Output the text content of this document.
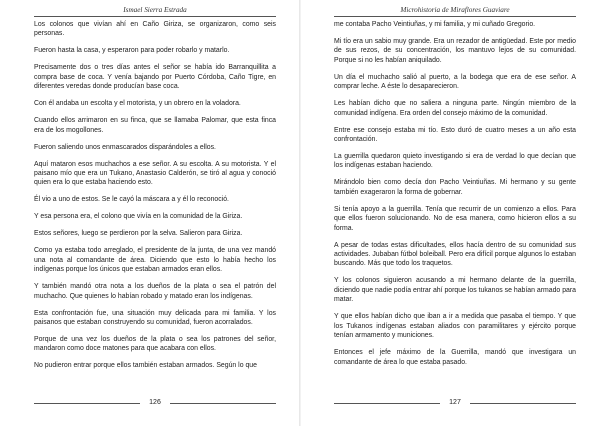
Ismael Sierra Estrada

Los colonos que vivían ahí en Caño Giriza, se organizaron, como seis personas.

Fueron hasta la casa, y esperaron para poder robarlo y matarlo.

Precisamente dos o tres días antes el señor se había ido Barranquillita a compra base de coca. Y venía bajando por Puerto Córdoba, Caño Tigre, en diferentes veredas donde producían base coca.

Con él andaba un escolta y el motorista, y un obrero en la voladora.

Cuando ellos arrimaron en su finca, que se llamaba Palomar, que esta finca era de los mogollones.

Fueron saliendo unos enmascarados disparándoles a ellos.

Aquí mataron esos muchachos a ese señor. A su escolta. A su motorista. Y el paisano mío que era un Tukano, Anastasio Calderón, se tiró al agua y conoció quien era lo que estaba haciendo esto.

Él vio a uno de estos. Se le cayó la máscara a y él lo reconoció.

Y esa persona era, el colono que vivía en la comunidad de la Giriza.

Estos señores, luego se perdieron por la selva. Salieron para Giriza.

Como ya estaba todo arreglado, el presidente de la junta, de una vez mandó una nota al comandante de área. Diciendo que esto lo había hecho los indígenas porque los únicos que estaban armados eran ellos.

Y también mandó otra nota a los dueños de la plata o sea el patrón del muchacho. Que quienes lo habían robado y matado eran los indígenas.

Esta confrontación fue, una situación muy delicada para mi familia. Y los paisanos que estaban construyendo su comunidad, fueron acorralados.

Porque de una vez los dueños de la plata o sea los patrones del señor, mandaron como doce matones para que acabara con ellos.

No pudieron entrar porque ellos también estaban armados. Según lo que

126
Microhistoria de Miraflores Guaviare

me contaba Pacho Veintiuñas, y mi familia, y mi cuñado Gregorio.

Mi tío era un sabio muy grande. Era un rezador de antigüedad. Este por medio de sus rezos, de su concentración, los mantuvo lejos de su comunidad. Porque si no les habían aniquilado.

Un día el muchacho salió al puerto, a la bodega que era de ese señor. A comprar leche. A éste lo desaparecieron.

Les habían dicho que no saliera a ninguna parte. Ningún miembro de la comunidad indígena. Era orden del consejo máximo de la comunidad.

Entre ese consejo estaba mi tío. Esto duró de cuatro meses a un año esta confrontación.

La guerrilla quedaron quieto investigando si era de verdad lo que decían que los indígenas estaban haciendo.

Mirándolo bien como decía don Pacho Veintiuñas. Mi hermano y su gente también exageraron la forma de gobernar.

Si tenía apoyo a la guerrilla. Tenía que recurrir de un comienzo a ellos. Para que ellos fueron solucionando. No de esa manera, como hicieron ellos a su forma.

A pesar de todas estas dificultades, ellos hacía dentro de su comunidad sus actividades. Jubaban fútbol boleiball. Pero era difícil porque algunos lo estaban buscando. Más que todo los traquetos.

Y los colonos siguieron acusando a mi hermano delante de la guerrilla, diciendo que nadie podía entrar ahí porque los tukanos se habían armado para matar.

Y que ellos habían dicho que iban a ir a medida que pasaba el tiempo. Y que los Tukanos indígenas estaban aliados con paramilitares y ejército porque tenían armamento y municiones.

Entonces el jefe máximo de la Guerrilla, mandó que investigara un comandante de área lo que estaba pasado.

127
